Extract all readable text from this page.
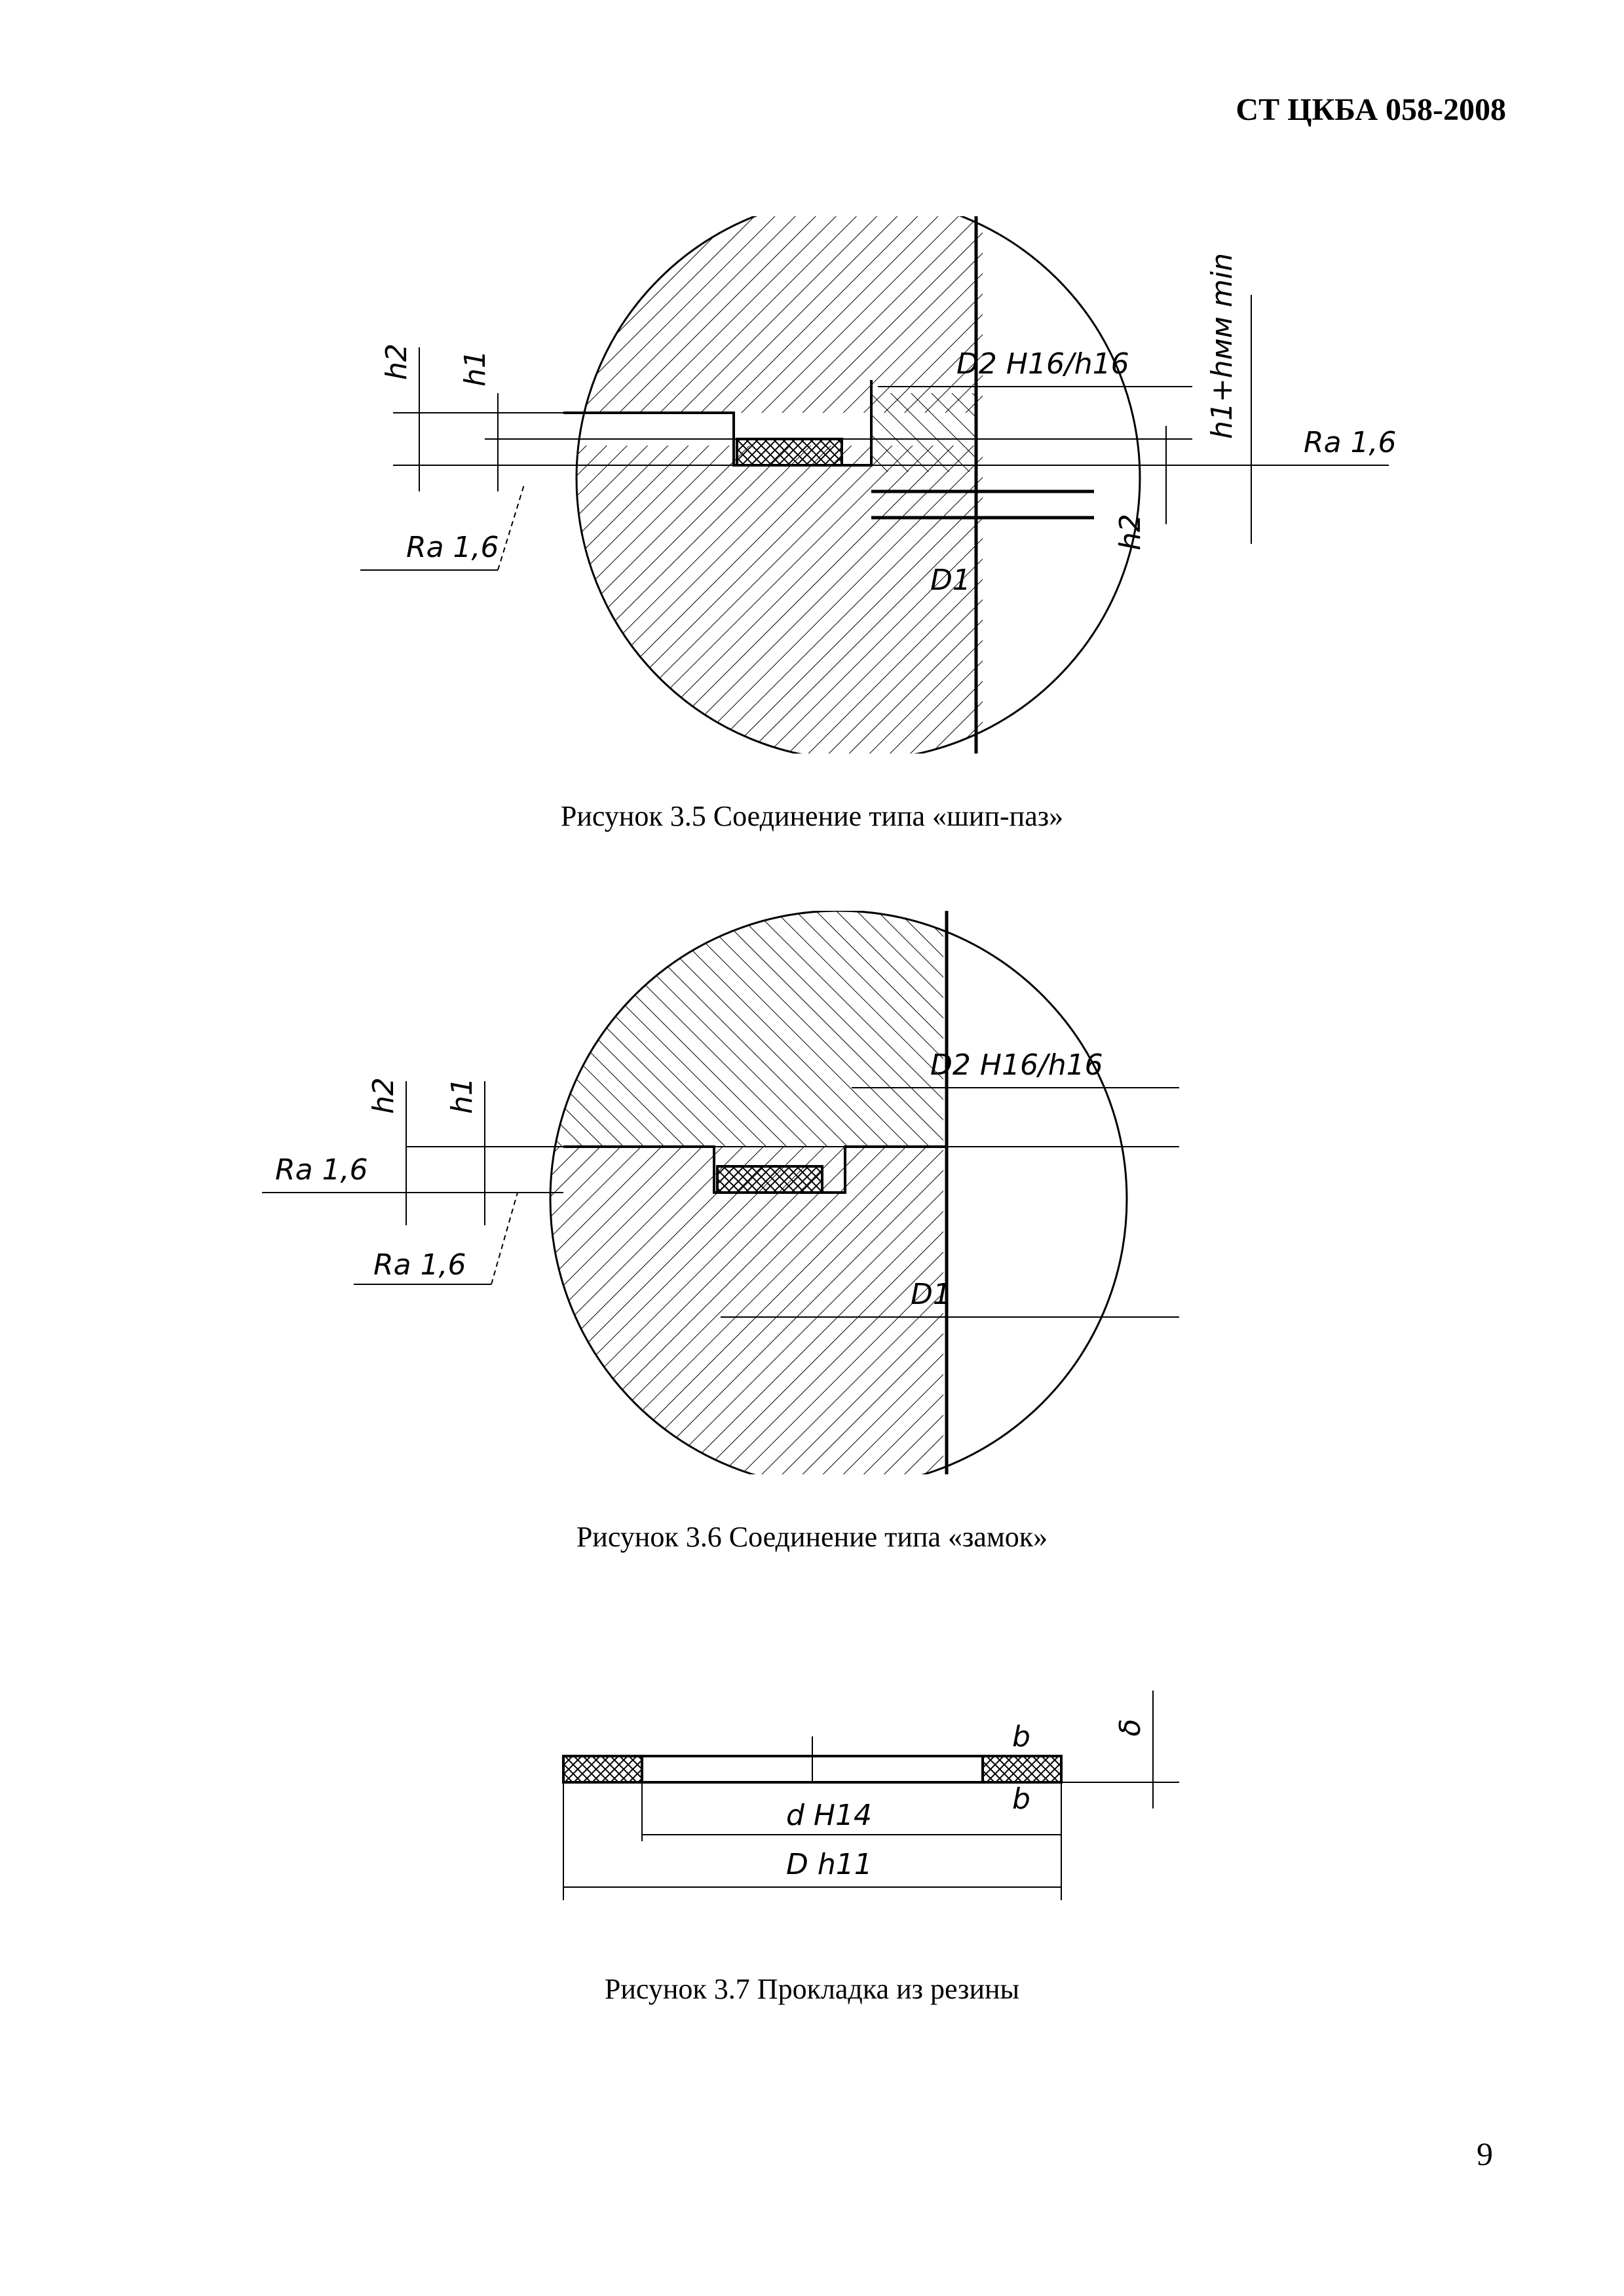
СТ ЦКБА 058-2008
h2 h1	D2 H16/h16	h1+hмм min
Ra 1,6
Ra 1,6
D1
h2
Рисунок 3.5 Соединение типа «шип-паз»
h2 h1
D2 H16/h16
Ra 1,6
Ra 1,6
D1
Рисунок 3.6 Соединение типа «замок»
d H14
D h11
δ
b
b
Рисунок 3.7 Прокладка из резины
9
